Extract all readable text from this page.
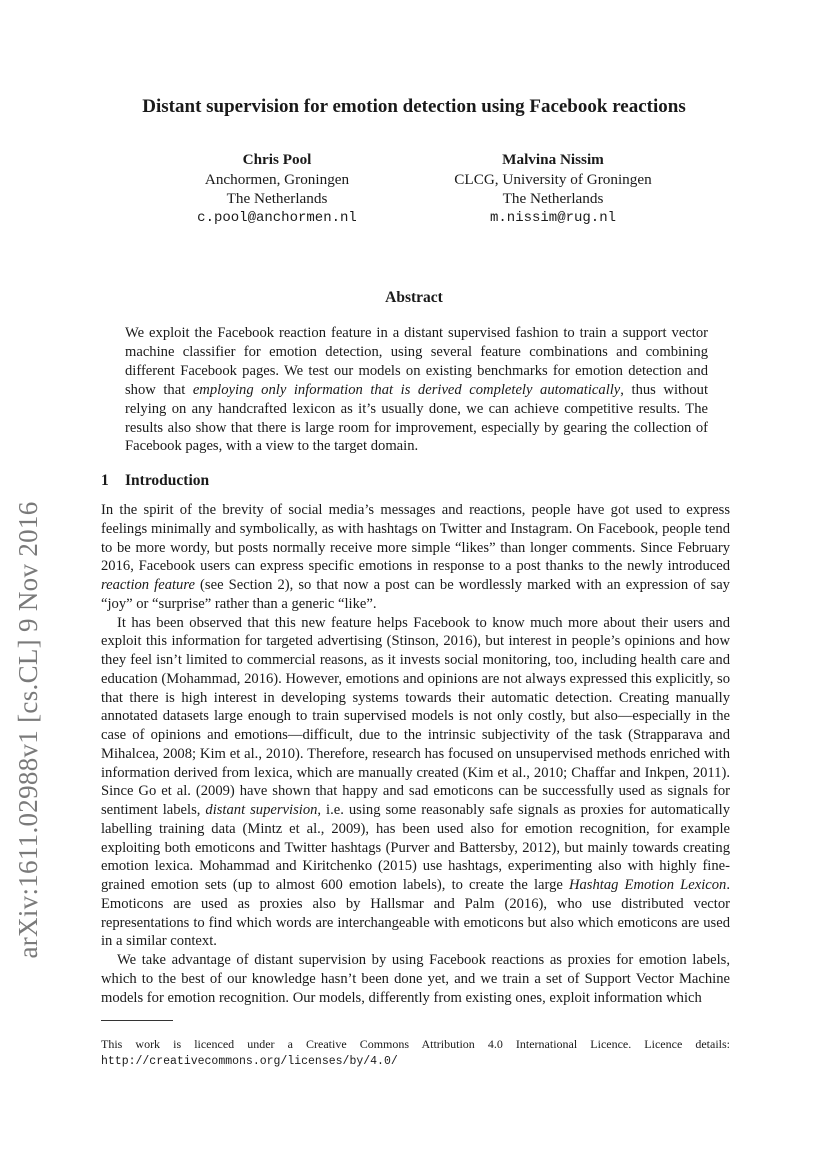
arXiv:1611.02988v1 [cs.CL] 9 Nov 2016
Distant supervision for emotion detection using Facebook reactions
Chris Pool
Anchormen, Groningen
The Netherlands
c.pool@anchormen.nl
Malvina Nissim
CLCG, University of Groningen
The Netherlands
m.nissim@rug.nl
Abstract
We exploit the Facebook reaction feature in a distant supervised fashion to train a support vector machine classifier for emotion detection, using several feature combinations and combining different Facebook pages. We test our models on existing benchmarks for emotion detection and show that employing only information that is derived completely automatically, thus without relying on any handcrafted lexicon as it’s usually done, we can achieve competitive results. The results also show that there is large room for improvement, especially by gearing the collection of Facebook pages, with a view to the target domain.
1 Introduction

In the spirit of the brevity of social media’s messages and reactions, people have got used to express feelings minimally and symbolically, as with hashtags on Twitter and Instagram. On Facebook, people tend to be more wordy, but posts normally receive more simple “likes” than longer comments. Since February 2016, Facebook users can express specific emotions in response to a post thanks to the newly introduced reaction feature (see Section 2), so that now a post can be wordlessly marked with an expression of say “joy” or “surprise” rather than a generic “like”.

It has been observed that this new feature helps Facebook to know much more about their users and exploit this information for targeted advertising (Stinson, 2016), but interest in people’s opinions and how they feel isn’t limited to commercial reasons, as it invests social monitoring, too, including health care and education (Mohammad, 2016). However, emotions and opinions are not always expressed this explicitly, so that there is high interest in developing systems towards their automatic detection. Creating manually annotated datasets large enough to train supervised models is not only costly, but also—especially in the case of opinions and emotions—difficult, due to the intrinsic subjectivity of the task (Strapparava and Mihalcea, 2008; Kim et al., 2010). Therefore, research has focused on unsupervised methods enriched with information derived from lexica, which are manually created (Kim et al., 2010; Chaffar and Inkpen, 2011). Since Go et al. (2009) have shown that happy and sad emoticons can be successfully used as signals for sentiment labels, distant supervision, i.e. using some reasonably safe signals as proxies for automatically labelling training data (Mintz et al., 2009), has been used also for emotion recognition, for example exploiting both emoticons and Twitter hashtags (Purver and Battersby, 2012), but mainly towards creating emotion lexica. Mohammad and Kiritchenko (2015) use hashtags, experimenting also with highly fine-grained emotion sets (up to almost 600 emotion labels), to create the large Hashtag Emotion Lexicon. Emoticons are used as proxies also by Hallsmar and Palm (2016), who use distributed vector representations to find which words are interchangeable with emoticons but also which emoticons are used in a similar context.

We take advantage of distant supervision by using Facebook reactions as proxies for emotion labels, which to the best of our knowledge hasn’t been done yet, and we train a set of Support Vector Machine models for emotion recognition. Our models, differently from existing ones, exploit information which

This work is licenced under a Creative Commons Attribution 4.0 International Licence. Licence details: http://creativecommons.org/licenses/by/4.0/
